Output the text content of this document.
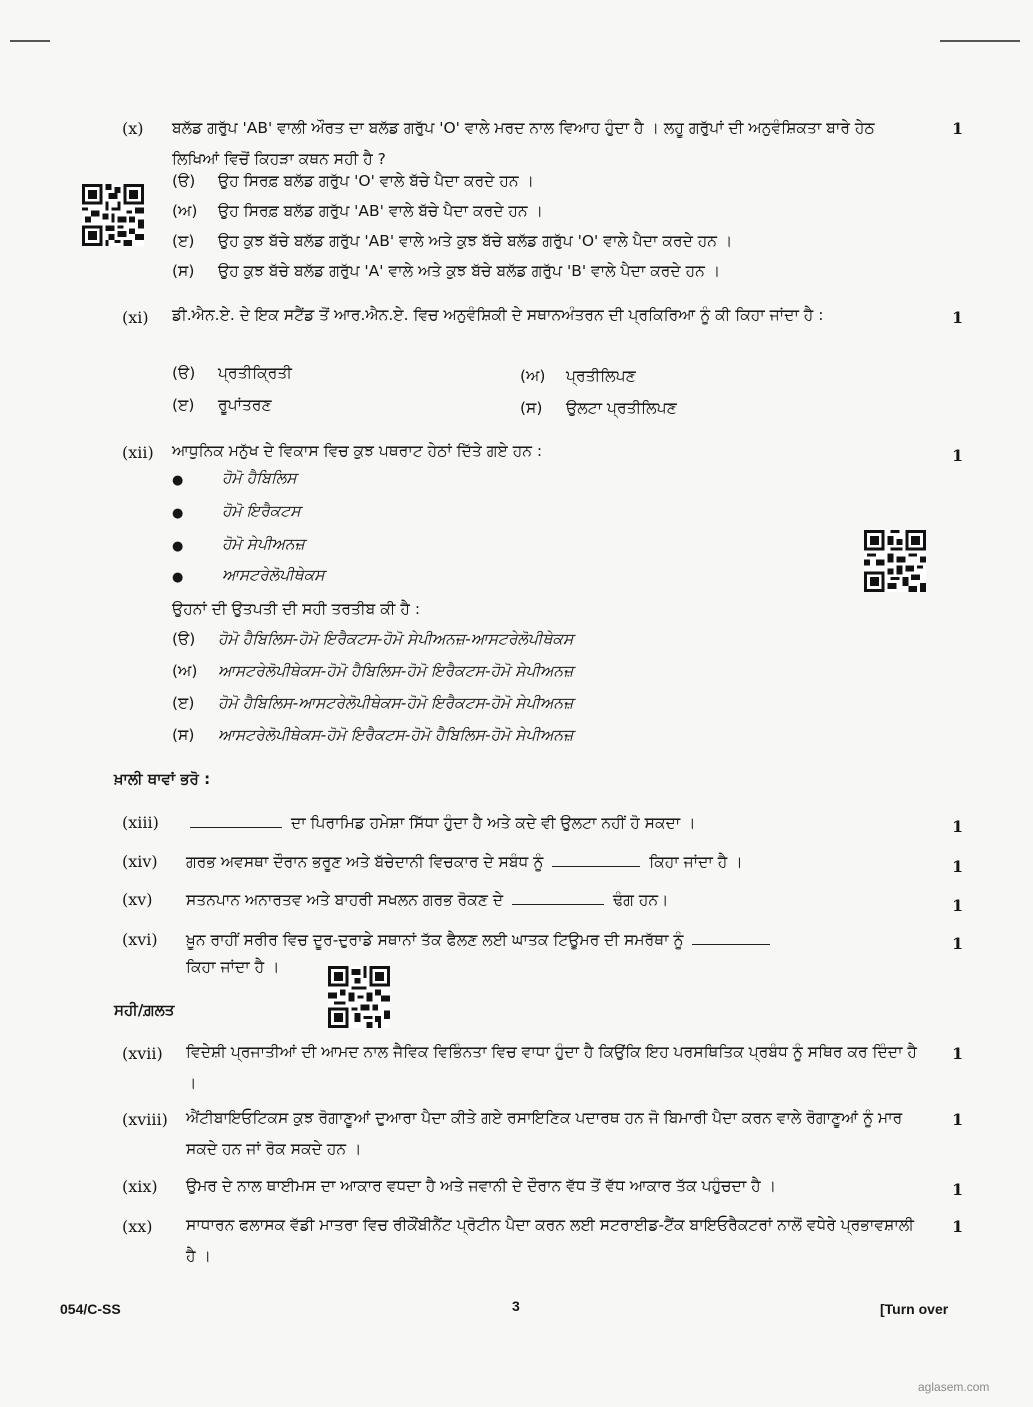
(x) ਬਲੱਡ ਗਰੁੱਪ 'AB' ਵਾਲੀ ਔਰਤ ਦਾ ਬਲੱਡ ਗਰੁੱਪ 'O' ਵਾਲੇ ਮਰਦ ਨਾਲ ਵਿਆਹ ਹੁੰਦਾ ਹੈ । ਲਹੂ ਗਰੁੱਪਾਂ ਦੀ ਅਨੁਵੰਸ਼ਿਕਤਾ ਬਾਰੇ ਹੇਠ ਲਿਖਿਆਂ ਵਿਚੋਂ ਕਿਹੜਾ ਕਥਨ ਸਹੀ ਹੈ ?
1
(ੳ) ਉਹ ਸਿਰਫ਼ ਬਲੱਡ ਗਰੁੱਪ 'O' ਵਾਲੇ ਬੱਚੇ ਪੈਦਾ ਕਰਦੇ ਹਨ ।
(ਅ) ਉਹ ਸਿਰਫ਼ ਬਲੱਡ ਗਰੁੱਪ 'AB' ਵਾਲੇ ਬੱਚੇ ਪੈਦਾ ਕਰਦੇ ਹਨ ।
(ੲ) ਉਹ ਕੁਝ ਬੱਚੇ ਬਲੱਡ ਗਰੁੱਪ 'AB' ਵਾਲੇ ਅਤੇ ਕੁਝ ਬੱਚੇ ਬਲੱਡ ਗਰੁੱਪ 'O' ਵਾਲੇ ਪੈਦਾ ਕਰਦੇ ਹਨ ।
(ਸ) ਉਹ ਕੁਝ ਬੱਚੇ ਬਲੱਡ ਗਰੁੱਪ 'A' ਵਾਲੇ ਅਤੇ ਕੁਝ ਬੱਚੇ ਬਲੱਡ ਗਰੁੱਪ 'B' ਵਾਲੇ ਪੈਦਾ ਕਰਦੇ ਹਨ ।
(xi) ਡੀ.ਐਨ.ਏ. ਦੇ ਇਕ ਸਟੈਂਡ ਤੋਂ ਆਰ.ਐਨ.ਏ. ਵਿਚ ਅਨੁਵੰਸ਼ਿਕੀ ਦੇ ਸਥਾਨਅੰਤਰਨ ਦੀ ਪ੍ਰਕਿਰਿਆ ਨੂੰ ਕੀ ਕਿਹਾ ਜਾਂਦਾ ਹੈ :	1
(ੳ) ਪ੍ਰਤੀਕ੍ਰਿਤੀ	(ਅ) ਪ੍ਰਤੀਲਿਪਣ
(ੲ) ਰੂਪਾਂਤਰਣ	(ਸ) ਉਲਟਾ ਪ੍ਰਤੀਲਿਪਣ
(xii) ਆਧੁਨਿਕ ਮਨੁੱਖ ਦੇ ਵਿਕਾਸ ਵਿਚ ਕੁਝ ਪਥਰਾਟ ਹੇਠਾਂ ਦਿੱਤੇ ਗਏ ਹਨ :	1
● ਹੋਮੋ ਹੈਬਿਲਿਸ
● ਹੋਮੋ ਇਰੈਕਟਸ
● ਹੋਮੋ ਸੇਪੀਅਨਜ਼
● ਆਸਟਰੇਲੋਪੀਥੇਕਸ
ਉਹਨਾਂ ਦੀ ਉਤਪਤੀ ਦੀ ਸਹੀ ਤਰਤੀਬ ਕੀ ਹੈ :
(ੳ) ਹੋਮੋ ਹੈਬਿਲਿਸ-ਹੋਮੋ ਇਰੈਕਟਸ-ਹੋਮੋ ਸੇਪੀਅਨਜ਼-ਆਸਟਰੇਲੋਪੀਥੇਕਸ
(ਅ) ਆਸਟਰੇਲੋਪੀਥੇਕਸ-ਹੋਮੋ ਹੈਬਿਲਿਸ-ਹੋਮੋ ਇਰੈਕਟਸ-ਹੋਮੋ ਸੇਪੀਅਨਜ਼
(ੲ) ਹੋਮੋ ਹੈਬਿਲਿਸ-ਆਸਟਰੇਲੋਪੀਥੇਕਸ-ਹੋਮੋ ਇਰੈਕਟਸ-ਹੋਮੋ ਸੇਪੀਅਨਜ਼
(ਸ) ਆਸਟਰੇਲੋਪੀਥੇਕਸ-ਹੋਮੋ ਇਰੈਕਟਸ-ਹੋਮੋ ਹੈਬਿਲਿਸ-ਹੋਮੋ ਸੇਪੀਅਨਜ਼
ਖ਼ਾਲੀ ਥਾਵਾਂ ਭਰੋ :
(xiii)	ਦਾ ਪਿਰਾਮਿਡ ਹਮੇਸ਼ਾ ਸਿੱਧਾ ਹੁੰਦਾ ਹੈ ਅਤੇ ਕਦੇ ਵੀ ਉਲਟਾ ਨਹੀਂ ਹੋ ਸਕਦਾ ।	1
(xiv) ਗਰਭ ਅਵਸਥਾ ਦੌਰਾਨ ਭਰੂਣ ਅਤੇ ਬੱਚੇਦਾਨੀ ਵਿਚਕਾਰ ਦੇ ਸਬੰਧ ਨੂੰ	ਕਿਹਾ ਜਾਂਦਾ ਹੈ ।	1
(xv) ਸਤਨਪਾਨ ਅਨਾਰਤਵ ਅਤੇ ਬਾਹਰੀ ਸਖਲਨ ਗਰਭ ਰੋਕਣ ਦੇ	ਢੰਗ ਹਨ।	1
(xvi) ਖ਼ੂਨ ਰਾਹੀਂ ਸਰੀਰ ਵਿਚ ਦੂਰ-ਦੁਰਾਡੇ ਸਥਾਨਾਂ ਤੱਕ ਫੈਲਣ ਲਈ ਘਾਤਕ ਟਿਊਮਰ ਦੀ ਸਮਰੱਥਾ ਨੂੰ
ਕਿਹਾ ਜਾਂਦਾ ਹੈ ।
1
ਸਹੀ/ਗ਼ਲਤ
(xvii) ਵਿਦੇਸ਼ੀ ਪ੍ਰਜਾਤੀਆਂ ਦੀ ਆਮਦ ਨਾਲ ਜੈਵਿਕ ਵਿਭਿੰਨਤਾ ਵਿਚ ਵਾਧਾ ਹੁੰਦਾ ਹੈ ਕਿਉਂਕਿ ਇਹ ਪਰਸਥਿਤਿਕ ਪ੍ਰਬੰਧ ਨੂੰ ਸਥਿਰ ਕਰ ਦਿੰਦਾ ਹੈ ।
1
(xviii) ਐਂਟੀਬਾਇਓਟਿਕਸ ਕੁਝ ਰੋਗਾਣੂਆਂ ਦੁਆਰਾ ਪੈਦਾ ਕੀਤੇ ਗਏ ਰਸਾਇਣਿਕ ਪਦਾਰਥ ਹਨ ਜੋ ਬਿਮਾਰੀ ਪੈਦਾ ਕਰਨ ਵਾਲੇ ਰੋਗਾਣੂਆਂ ਨੂੰ ਮਾਰ ਸਕਦੇ ਹਨ ਜਾਂ ਰੋਕ ਸਕਦੇ ਹਨ ।
1
(xix) ਉਮਰ ਦੇ ਨਾਲ ਥਾਈਮਸ ਦਾ ਆਕਾਰ ਵਧਦਾ ਹੈ ਅਤੇ ਜਵਾਨੀ ਦੇ ਦੌਰਾਨ ਵੱਧ ਤੋਂ ਵੱਧ ਆਕਾਰ ਤੱਕ ਪਹੁੰਚਦਾ ਹੈ ।	1
(xx) ਸਾਧਾਰਨ ਫਲਾਸਕ ਵੱਡੀ ਮਾਤਰਾ ਵਿਚ ਰੀਕੌਂਬੀਨੈਂਟ ਪ੍ਰੋਟੀਨ ਪੈਦਾ ਕਰਨ ਲਈ ਸਟਰਾਈਡ-ਟੈਂਕ ਬਾਇਓਰੈਕਟਰਾਂ ਨਾਲੋਂ ਵਧੇਰੇ ਪ੍ਰਭਾਵਸ਼ਾਲੀ ਹੈ ।
1
054/C-SS	3	[Turn over
aglasem.com
